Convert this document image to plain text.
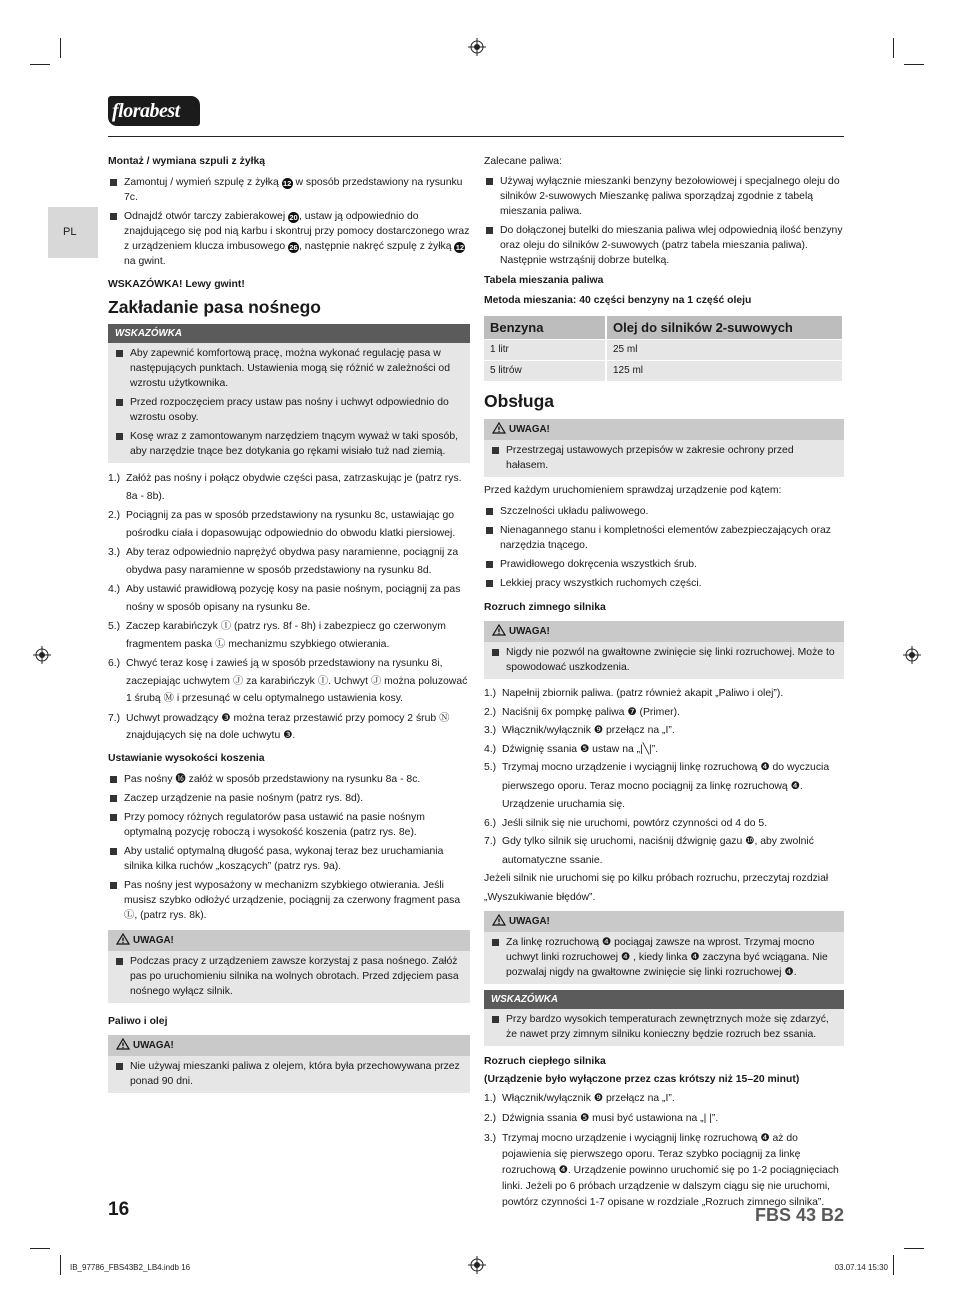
florabest
PL
Montaż / wymiana szpuli z żyłką
Zamontuj / wymień szpulę z żyłką 12 w sposób przedstawiony na rysunku 7c.
Odnajdź otwór tarczy zabierakowej 20, ustaw ją odpowiednio do znajdującego się pod nią karbu i skontruj przy pomocy dostarczonego wraz z urządzeniem klucza imbusowego 26, następnie nakręć szpulę z żyłką 12 na gwint.
WSKAZÓWKA! Lewy gwint!
Zakładanie pasa nośnego
WSKAZÓWKA
Aby zapewnić komfortową pracę, można wykonać regulację pasa w następujących punktach. Ustawienia mogą się różnić w zależności od wzrostu użytkownika.
Przed rozpoczęciem pracy ustaw pas nośny i uchwyt odpowiednio do wzrostu osoby.
Kosę wraz z zamontowanym narzędziem tnącym wyważ w taki sposób, aby narzędzie tnące bez dotykania go rękami wisiało tuż nad ziemią.
1.) Załóż pas nośny i połącz obydwie części pasa, zatrzaskując je (patrz rys. 8a - 8b).
2.) Pociągnij za pas w sposób przedstawiony na rysunku 8c, ustawiając go pośrodku ciała i dopasowując odpowiednio do obwodu klatki piersiowej.
3.) Aby teraz odpowiednio naprężyć obydwa pasy naramienne, pociągnij za obydwa pasy naramienne w sposób przedstawiony na rysunku 8d.
4.) Aby ustawić prawidłową pozycję kosy na pasie nośnym, pociągnij za pas nośny w sposób opisany na rysunku 8e.
5.) Zaczep karabińczyk Ⓘ (patrz rys. 8f - 8h) i zabezpiecz go czerwonym fragmentem paska Ⓛ mechanizmu szybkiego otwierania.
6.) Chwyć teraz kosę i zawieś ją w sposób przedstawiony na rysunku 8i, zaczepiając uchwytem Ⓙ za karabińczyk Ⓘ. Uchwyt Ⓙ można poluzować 1 śrubą Ⓜ i przesunąć w celu optymalnego ustawienia kosy.
7.) Uchwyt prowadzący ❸ można teraz przestawić przy pomocy 2 śrub Ⓝ znajdujących się na dole uchwytu ❸.
Ustawianie wysokości koszenia
Pas nośny ⓰ załóż w sposób przedstawiony na rysunku 8a - 8c.
Zaczep urządzenie na pasie nośnym (patrz rys. 8d).
Przy pomocy różnych regulatorów pasa ustawić na pasie nośnym optymalną pozycję roboczą i wysokość koszenia (patrz rys. 8e).
Aby ustalić optymalną długość pasa, wykonaj teraz bez uruchamiania silnika kilka ruchów „koszących” (patrz rys. 9a).
Pas nośny jest wyposażony w mechanizm szybkiego otwierania. Jeśli musisz szybko odłożyć urządzenie, pociągnij za czerwony fragment pasa Ⓛ, (patrz rys. 8k).
UWAGA!
Podczas pracy z urządzeniem zawsze korzystaj z pasa nośnego. Załóż pas po uruchomieniu silnika na wolnych obrotach. Przed zdjęciem pasa nośnego wyłącz silnik.
Paliwo i olej
UWAGA!
Nie używaj mieszanki paliwa z olejem, która była przechowywana przez ponad 90 dni.
Zalecane paliwa:
Używaj wyłącznie mieszanki benzyny bezołowiowej i specjalnego oleju do silników 2-suwowych Mieszankę paliwa sporządzaj zgodnie z tabelą mieszania paliwa.
Do dołączonej butelki do mieszania paliwa wlej odpowiednią ilość benzyny oraz oleju do silników 2-suwowych (patrz tabela mieszania paliwa). Następnie wstrząśnij dobrze butelką.
Tabela mieszania paliwa
Metoda mieszania: 40 części benzyny na 1 część oleju
Benzyna	Olej do silników 2-suwowych
1 litr	25 ml
5 litrów	125 ml
Obsługa
UWAGA!
Przestrzegaj ustawowych przepisów w zakresie ochrony przed hałasem.
Przed każdym uruchomieniem sprawdzaj urządzenie pod kątem:
Szczelności układu paliwowego.
Nienagannego stanu i kompletności elementów zabezpieczających oraz narzędzia tnącego.
Prawidłowego dokręcenia wszystkich śrub.
Lekkiej pracy wszystkich ruchomych części.
Rozruch zimnego silnika
UWAGA!
Nigdy nie pozwól na gwałtowne zwinięcie się linki rozruchowej. Może to spowodować uszkodzenia.
1.) Napełnij zbiornik paliwa. (patrz również akapit „Paliwo i olej”).
2.) Naciśnij 6x pompkę paliwa ❼ (Primer).
3.) Włącznik/wyłącznik ❾ przełącz na „I”.
4.) Dźwignię ssania ❺ ustaw na „|╲|”.
5.) Trzymaj mocno urządzenie i wyciągnij linkę rozruchową ❹ do wyczucia pierwszego oporu. Teraz mocno pociągnij za linkę rozruchową ❹. Urządzenie uruchamia się.
6.) Jeśli silnik się nie uruchomi, powtórz czynności od 4 do 5.
7.) Gdy tylko silnik się uruchomi, naciśnij dźwignię gazu ❿, aby zwolnić automatyczne ssanie.
Jeżeli silnik nie uruchomi się po kilku próbach rozruchu, przeczytaj rozdział „Wyszukiwanie błędów”.
UWAGA!
Za linkę rozruchową ❹ pociągaj zawsze na wprost. Trzymaj mocno uchwyt linki rozruchowej ❹ , kiedy linka ❹ zaczyna być wciągana. Nie pozwalaj nigdy na gwałtowne zwinięcie się linki rozruchowej ❹.
WSKAZÓWKA
Przy bardzo wysokich temperaturach zewnętrznych może się zdarzyć, że nawet przy zimnym silniku konieczny będzie rozruch bez ssania.
Rozruch ciepłego silnika
(Urządzenie było wyłączone przez czas krótszy niż 15–20 minut)
1.) Włącznik/wyłącznik ❾ przełącz na „I”.
2.) Dźwignia ssania ❺ musi być ustawiona na „| |”.
3.) Trzymaj mocno urządzenie i wyciągnij linkę rozruchową ❹ aż do pojawienia się pierwszego oporu. Teraz szybko pociągnij za linkę rozruchową ❹. Urządzenie powinno uruchomić się po 1-2 pociągnięciach linki. Jeżeli po 6 próbach urządzenie w dalszym ciągu się nie uruchomi, powtórz czynności 1-7 opisane w rozdziale „Rozruch zimnego silnika”.
16	FBS 43 B2
IB_97786_FBS43B2_LB4.indb 16	03.07.14 15:30
